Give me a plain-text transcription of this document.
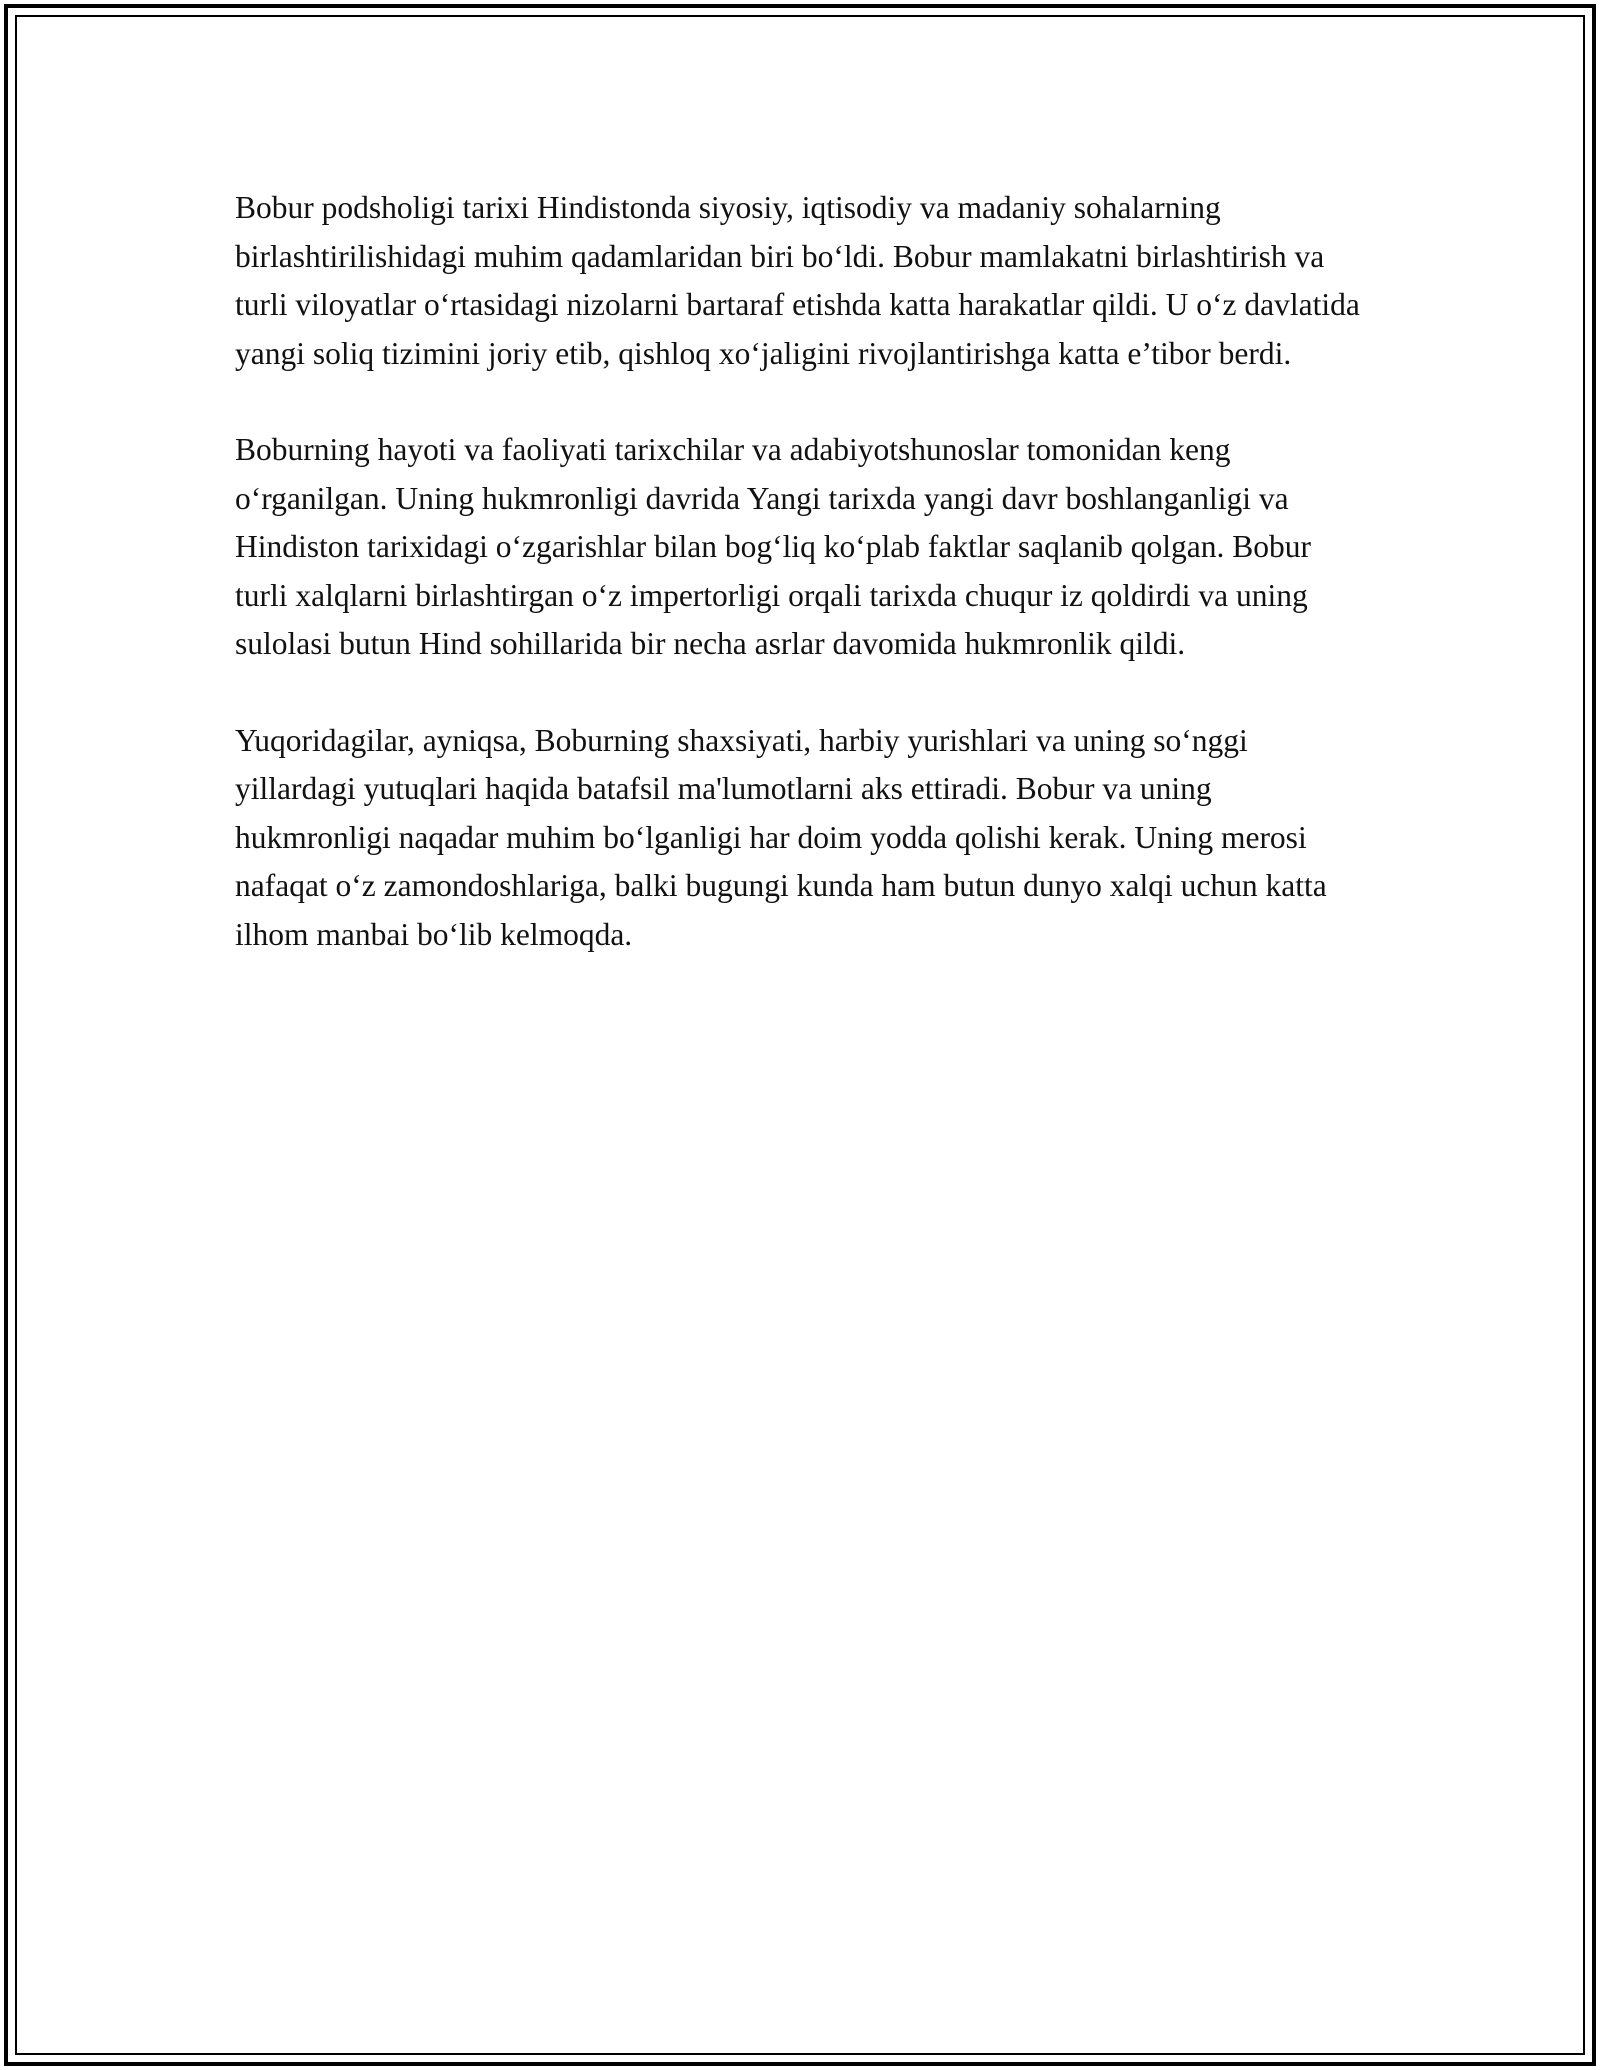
Bobur podsholigi tarixi Hindistonda siyosiy, iqtisodiy va madaniy sohalarning birlashtirilishidagi muhim qadamlaridan biri bo‘ldi. Bobur mamlakatni birlashtirish va turli viloyatlar o‘rtasidagi nizolarni bartaraf etishda katta harakatlar qildi. U o‘z davlatida yangi soliq tizimini joriy etib, qishloq xo‘jaligini rivojlantirishga katta e’tibor berdi.

Boburning hayoti va faoliyati tarixchilar va adabiyotshunoslar tomonidan keng o‘rganilgan. Uning hukmronligi davrida Yangi tarixda yangi davr boshlanganligi va Hindiston tarixidagi o‘zgarishlar bilan bog‘liq ko‘plab faktlar saqlanib qolgan. Bobur turli xalqlarni birlashtirgan o‘z impertorligi orqali tarixda chuqur iz qoldirdi va uning sulolasi butun Hind sohillarida bir necha asrlar davomida hukmronlik qildi.

Yuqoridagilar, ayniqsa, Boburning shaxsiyati, harbiy yurishlari va uning so‘nggi yillardagi yutuqlari haqida batafsil ma'lumotlarni aks ettiradi. Bobur va uning hukmronligi naqadar muhim bo‘lganligi har doim yodda qolishi kerak. Uning merosi nafaqat o‘z zamondoshlariga, balki bugungi kunda ham butun dunyo xalqi uchun katta ilhom manbai bo‘lib kelmoqda.
